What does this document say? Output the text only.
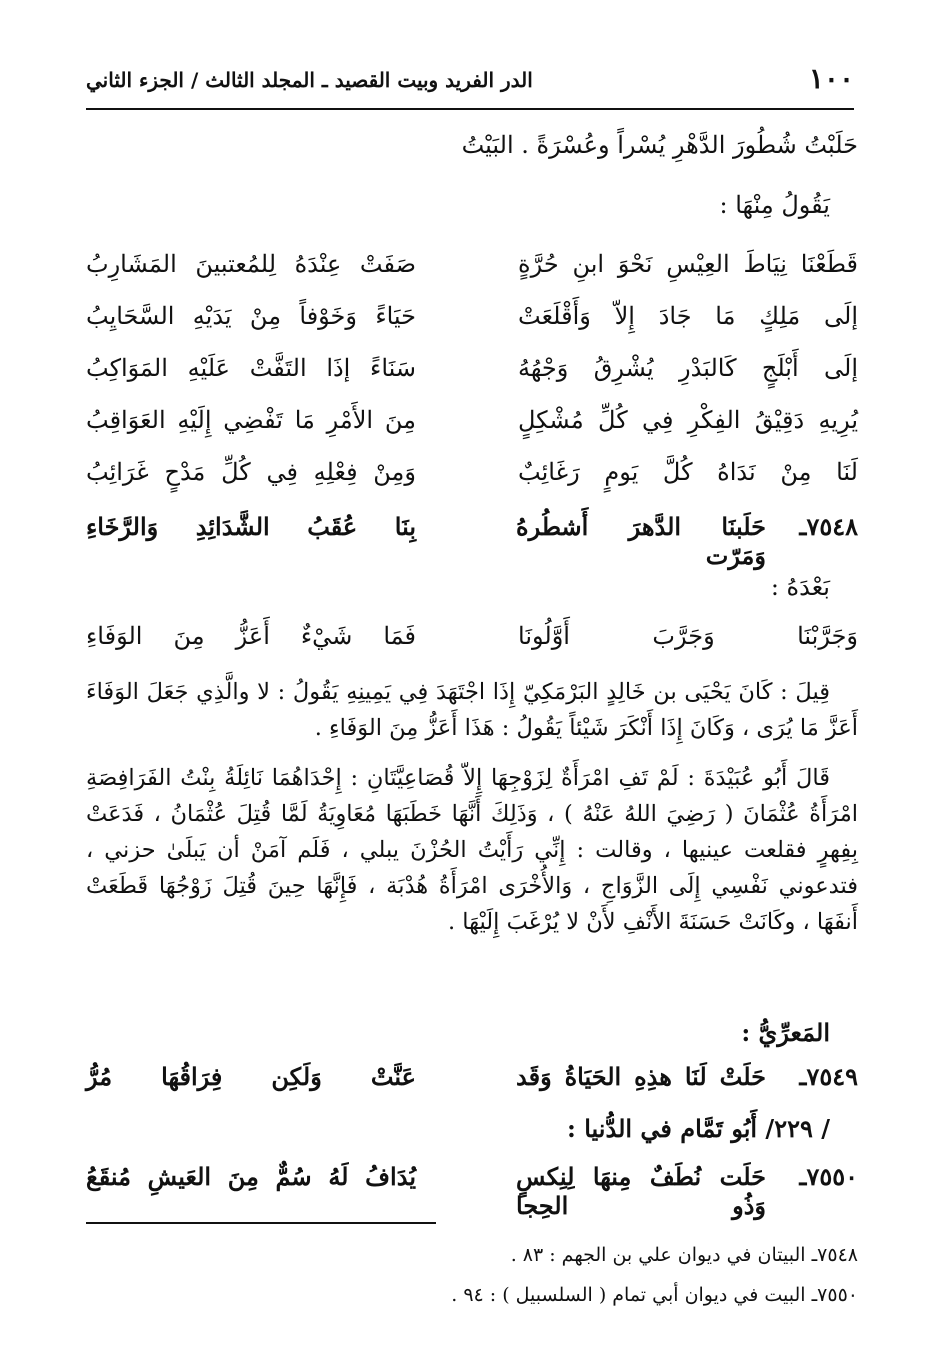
١٠٠
الدر الفريد وبيت القصيد ـ المجلد الثالث / الجزء الثاني
حَلَبْتُ شُطُورَ الدَّهْرِ يُسْراً وعُسْرَةً . البَيْتُ
يَقُولُ مِنْهَا :
قَطَعْنَا نِيَاطَ العِيْسِ نَحْوَ ابنِ حُرَّةٍ
صَفَتْ عِنْدَهُ لِلمُعتبينَ المَشَارِبُ
إلَى مَلِكٍ مَا جَادَ إِلاّ وَأَقْلَعَتْ
حَيَاءً وَخَوْفاً مِنْ يَدَيْهِ السَّحَايِبُ
إلَى أَبْلَجٍ كَالبَدْرِ يُشْرِقُ وَجْهُهُ
سَنَاءً إذَا التَفَّتْ عَلَيْهِ المَوَاكِبُ
يُرِيهِ دَقِيْقُ الفِكْرِ فِي كُلِّ مُشْكِلٍ
مِنَ الأَمْرِ مَا تَفْضِي إِلَيْهِ العَوَاقِبُ
لَنَا مِنْ نَدَاهُ كُلَّ يَومٍ رَغَائِبٌ
وَمِنْ فِعْلِهِ فِي كُلِّ مَدْحٍ غَرَائِبُ
٧٥٤٨ـ
حَلَبنَا الدَّهرَ أَشطُرهُ وَمَرّت
بِنَا عُقَبُ الشَّدَائِدِ وَالرَّخَاءِ
بَعْدَهُ :
وَجَرَّبْنَا وَجَرَّبَ أَوَّلُونَا
فَمَا شَيْءٌ أَعَزُّ مِنَ الوَفَاءِ

قِيلَ : كَانَ يَحْيَى بن خَالِدٍ البَرْمَكِيّ إِذَا اجْتَهَدَ فِي يَمِينِهِ يَقُولُ : لا والَّذِي جَعَلَ الوَفَاءَ أَعَزَّ مَا يُرَى ، وَكَانَ إِذَا أَنْكَرَ شَيْئاً يَقُولُ : هَذَا أَعَزُّ مِنَ الوَفَاءِ .

قَالَ أَبُو عُبَيْدَةَ : لَمْ تَفِ امْرَأَةٌ لِزَوْجِهَا إِلاّ قُصَاعِيَّتَانِ : إِحْدَاهُمَا نَائِلَةُ بِنْتُ الفَرَافِصَةِ امْرَأَةُ عُثْمَانَ ( رَضِيَ اللهُ عَنْهُ ) ، وَذَلِكَ أَنَّهَا خَطَبَهَا مُعَاوِيَةُ لَمَّا قُتِلَ عُثْمَانُ ، فَدَعَتْ بِفِهرٍ فقلعت عينيها ، وقالت : إِنِّي رَأَيْتُ الحُزْنَ يبلي ، فَلَم آمَنْ أن يَبلَىٰ حزني ، فتدعوني نَفْسِي إِلَى الزَّوَاجِ ، وَالأُخْرَى امْرَأَةُ هُدْبَة ، فَإِنَّهَا حِينَ قُتِلَ زَوْجُهَا قَطَعَتْ أَنفَهَا ، وكَانَتْ حَسَنَةَ الأَنْفِ لأَنْ لا يُرْغَبَ إِلَيْهَا .

المَعرِّيُّ :
٧٥٤٩ـ
حَلَتْ لَنَا هذِهِ الحَيَاةُ وَقَد
عَنَّتْ وَلَكِن فِرَاقُهَا مُرُّ
/ ٢٢٩/ أَبُو تَمَّام في الدُّنيا :
٧٥٥٠ـ
حَلَت نُطَفٌ مِنهَا لِنِكسٍ وَذُو الحِجا
يُدَافُ لَهُ سُمٌّ مِنَ العَيشِ مُنقَعُ
٧٥٤٨ـ البيتان في ديوان علي بن الجهم : ٨٣ .
٧٥٥٠ـ البيت في ديوان أبي تمام ( السلسبيل ) : ٩٤ .
